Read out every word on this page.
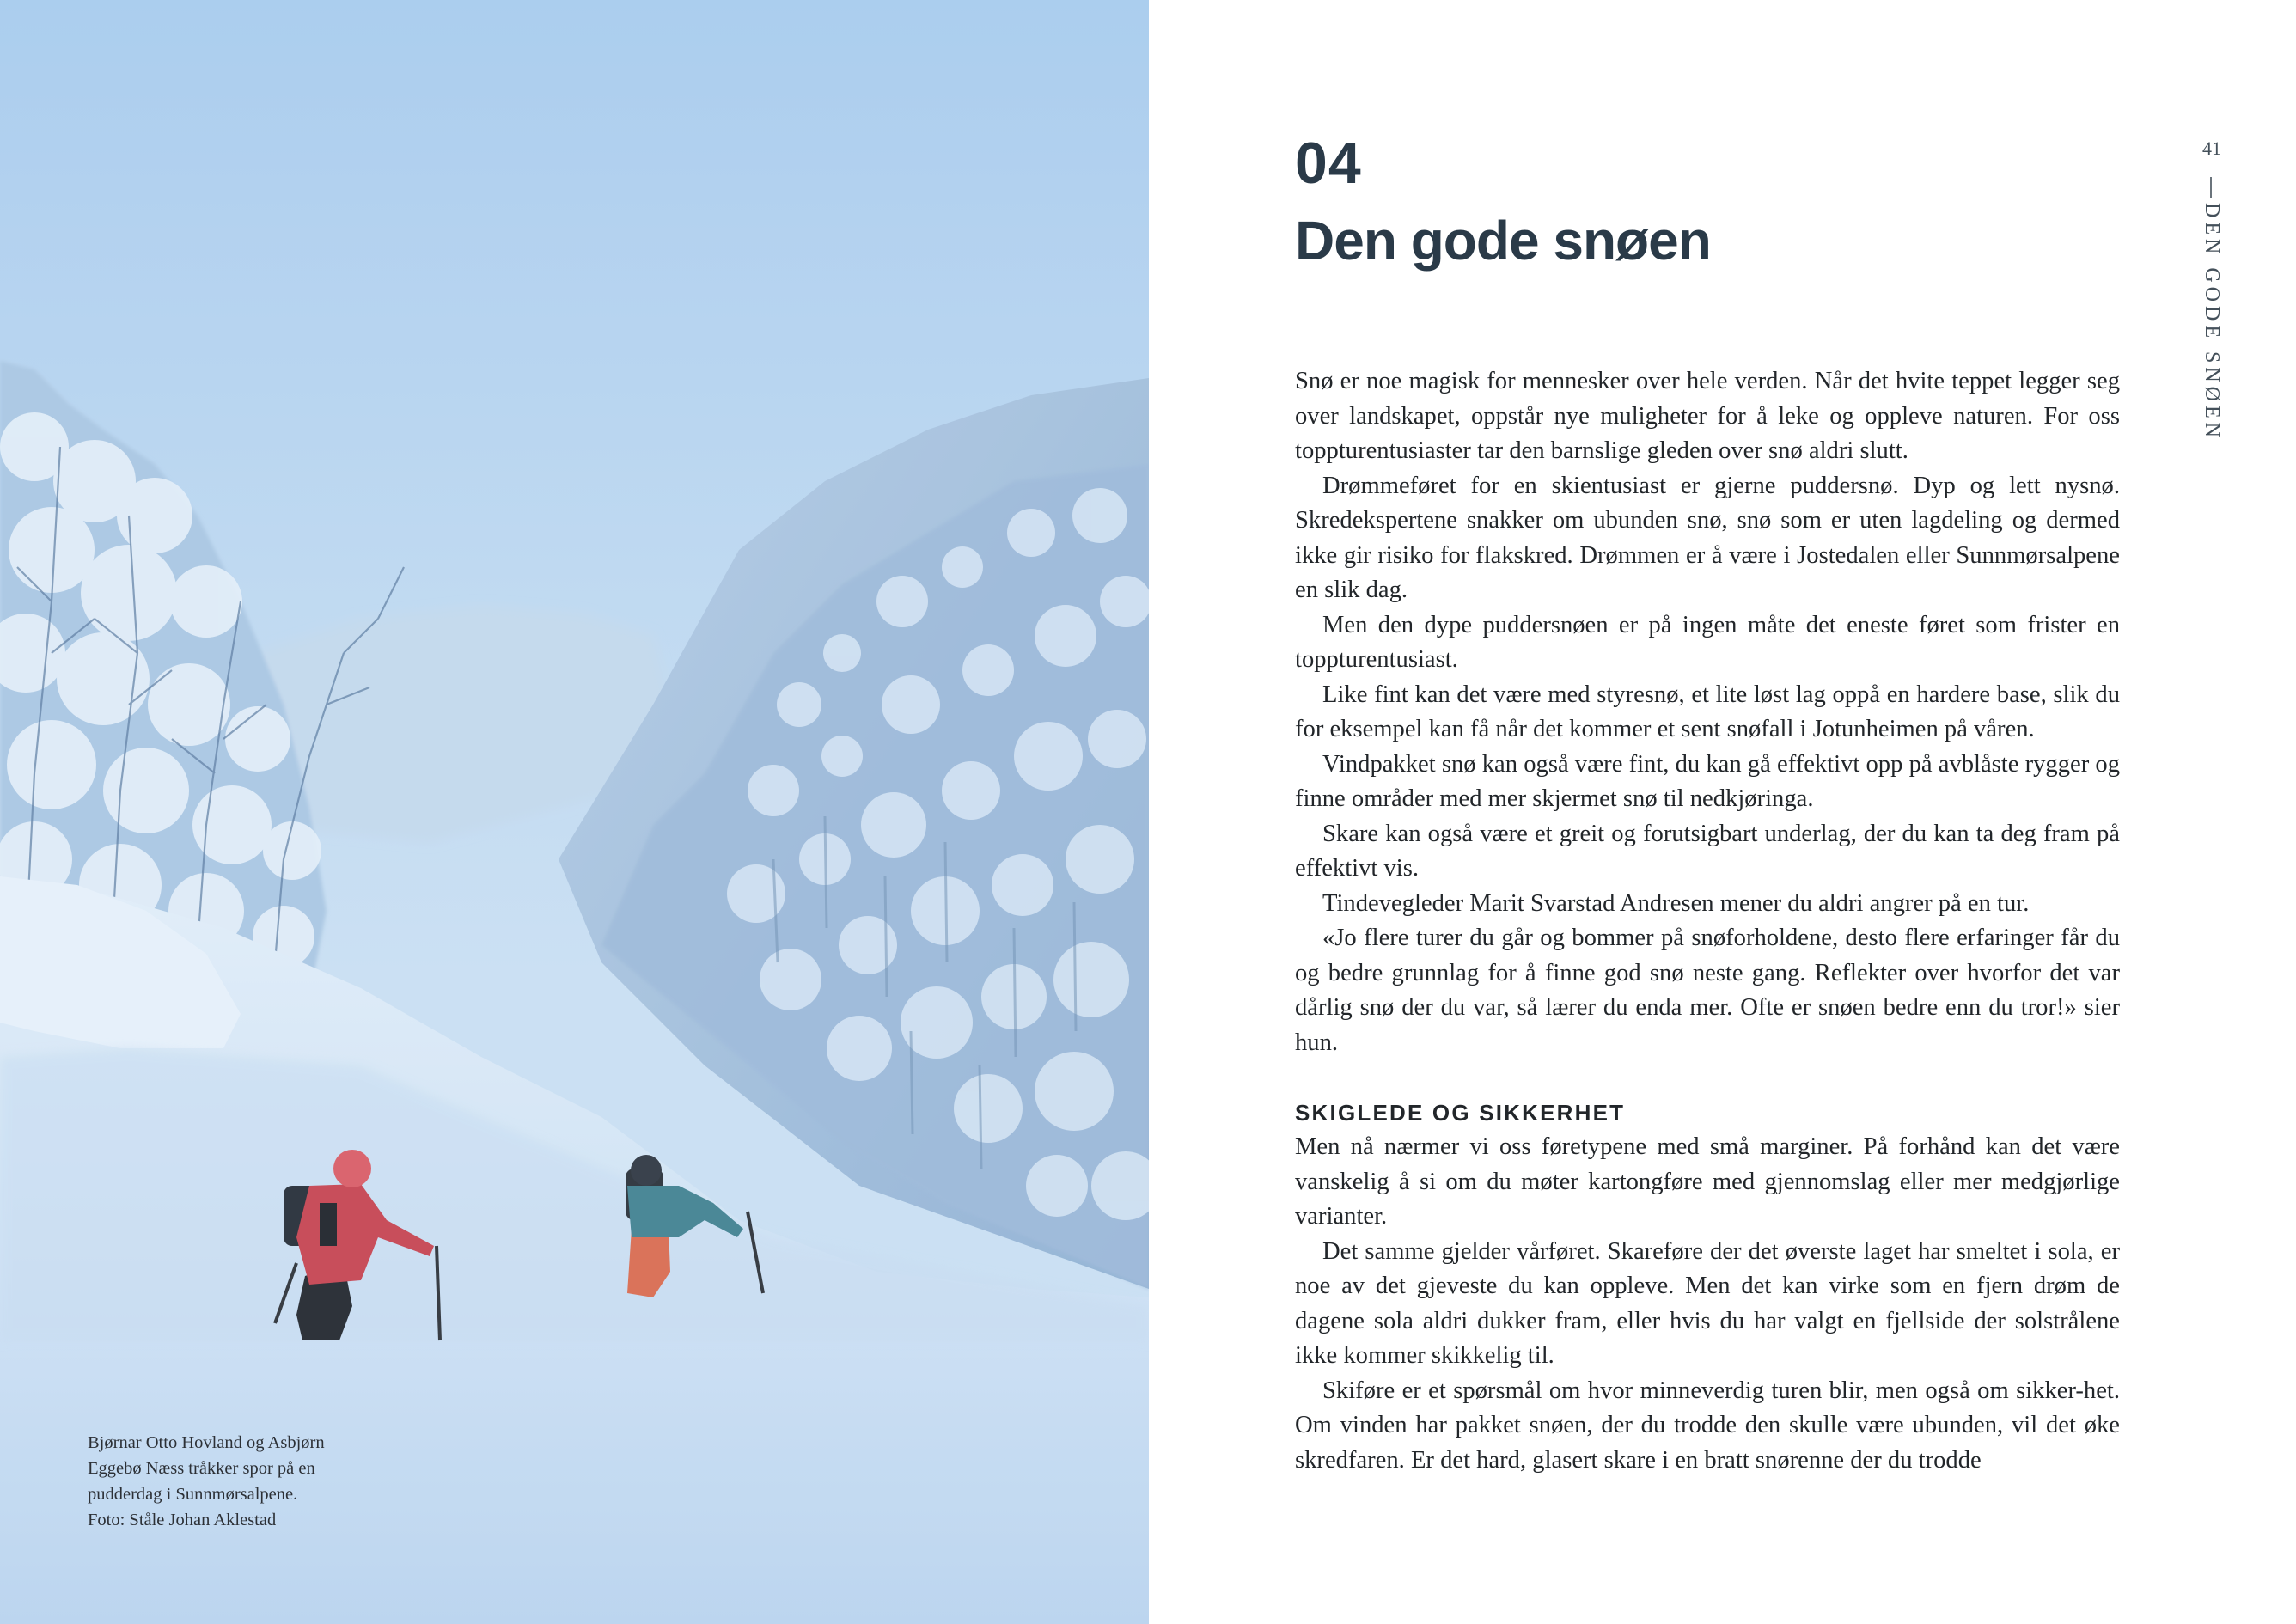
Bjørnar Otto Hovland og Asbjørn

Eggebø Næss tråkker spor på en

pudderdag i Sunnmørsalpene.

Foto: Ståle Johan Aklestad

04
Den gode snøen
41
DEN GODE SNØEN

Snø er noe magisk for mennesker over hele verden. Når det hvite teppet legger seg over landskapet, oppstår nye muligheter for å leke og oppleve naturen. For oss toppturentusiaster tar den barnslige gleden over snø aldri slutt.

Drømmeføret for en skientusiast er gjerne puddersnø. Dyp og lett nysnø. Skredekspertene snakker om ubunden snø, snø som er uten lagdeling og dermed ikke gir risiko for flakskred. Drømmen er å være i Jostedalen eller Sunnmørsalpene en slik dag.

Men den dype puddersnøen er på ingen måte det eneste føret som frister en toppturentusiast.

Like fint kan det være med styresnø, et lite løst lag oppå en hardere base, slik du for eksempel kan få når det kommer et sent snøfall i Jotunheimen på våren.

Vindpakket snø kan også være fint, du kan gå effektivt opp på avblåste rygger og finne områder med mer skjermet snø til nedkjøringa.

Skare kan også være et greit og forutsigbart underlag, der du kan ta deg fram på effektivt vis.

Tindevegleder Marit Svarstad Andresen mener du aldri angrer på en tur.

«Jo flere turer du går og bommer på snøforholdene, desto flere erfaringer får du og bedre grunnlag for å finne god snø neste gang. Reflekter over hvorfor det var dårlig snø der du var, så lærer du enda mer. Ofte er snøen bedre enn du tror!» sier hun.

SKIGLEDE OG SIKKERHET

Men nå nærmer vi oss føretypene med små marginer. På forhånd kan det være vanskelig å si om du møter kartongføre med gjennomslag eller mer medgjørlige varianter.

Det samme gjelder vårføret. Skareføre der det øverste laget har smeltet i sola, er noe av det gjeveste du kan oppleve. Men det kan virke som en fjern drøm de dagene sola aldri dukker fram, eller hvis du har valgt en fjellside der solstrålene ikke kommer skikkelig til.

Skiføre er et spørsmål om hvor minneverdig turen blir, men også om sikker-het. Om vinden har pakket snøen, der du trodde den skulle være ubunden, vil det øke skredfaren. Er det hard, glasert skare i en bratt snørenne der du trodde
